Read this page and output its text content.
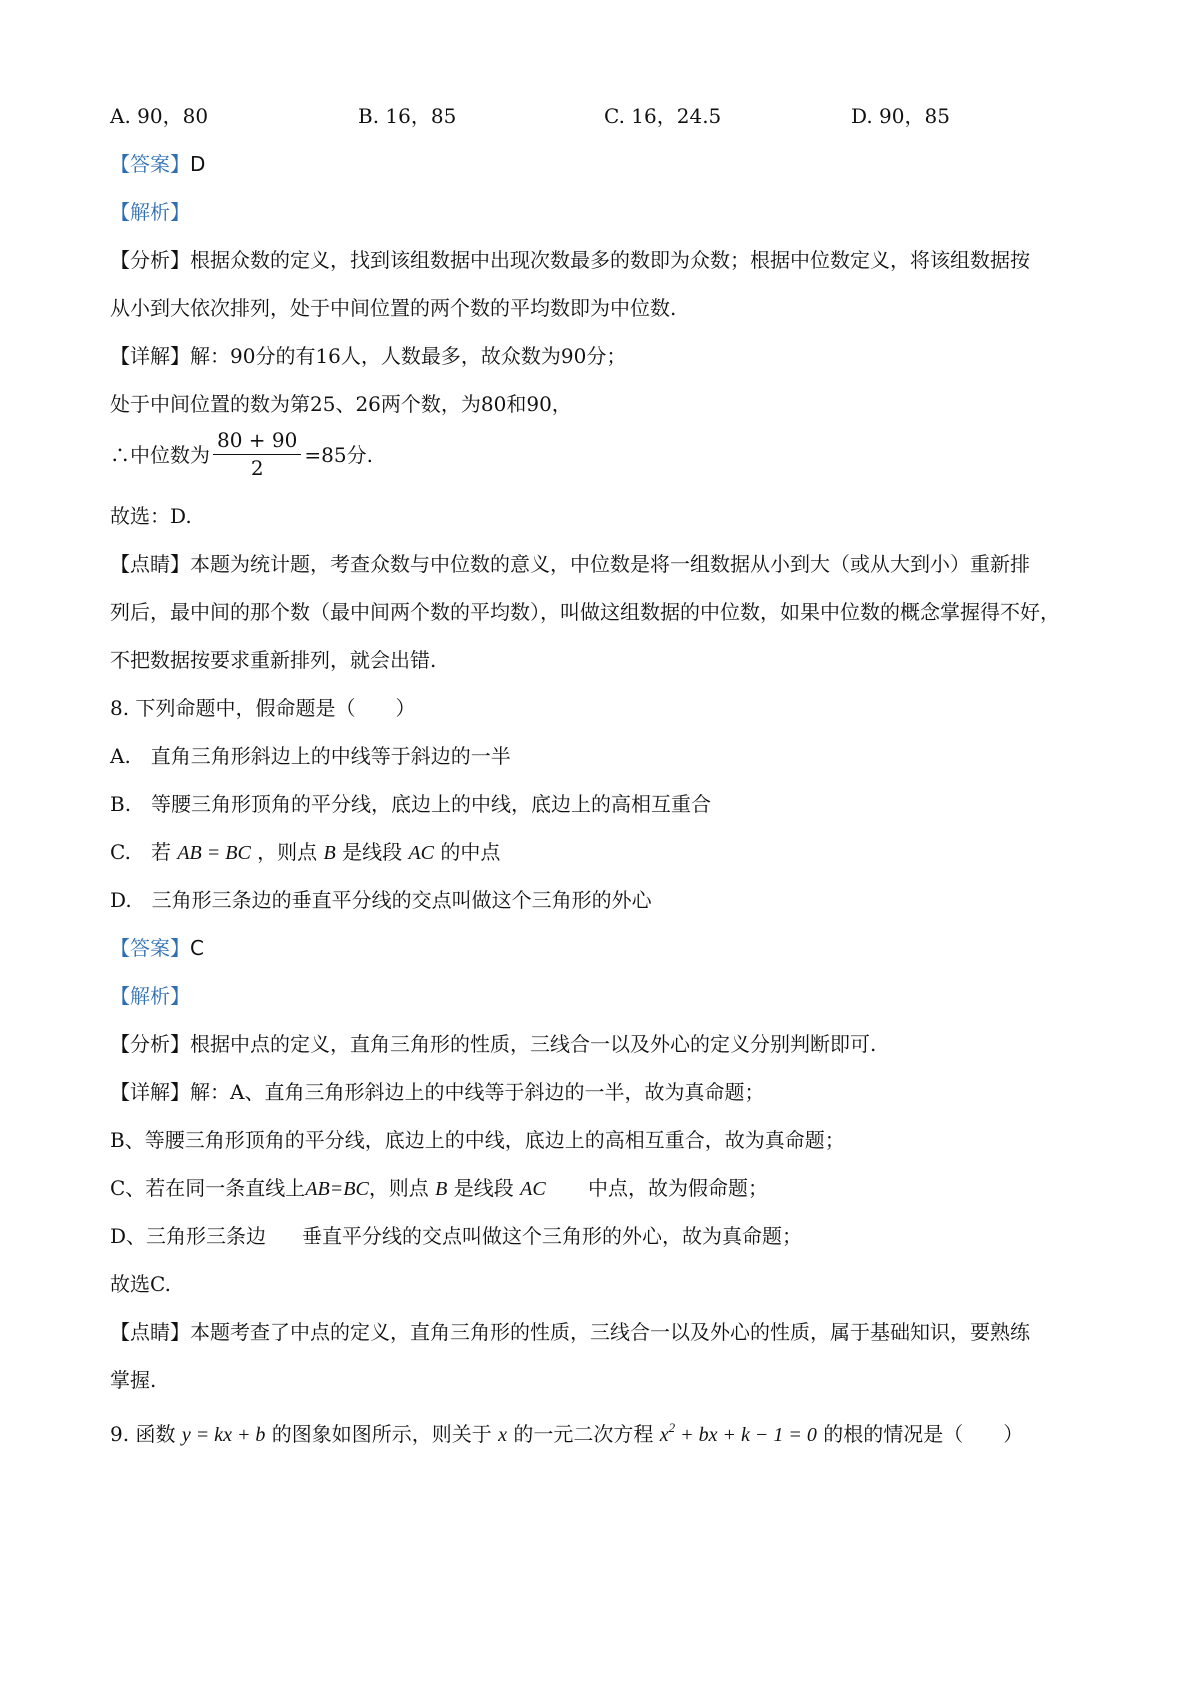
A. 90，80	B. 16，85	C. 16，24.5	D. 90，85
【答案】D
【解析】
【分析】根据众数的定义，找到该组数据中出现次数最多的数即为众数；根据中位数定义，将该组数据按
从小到大依次排列，处于中间位置的两个数的平均数即为中位数.
【详解】解：90分的有16人，人数最多，故众数为90分；
处于中间位置的数为第25、26两个数，为80和90，
∴中位数为 $\frac{80 + 90}{2} =85$分.
故选：D.
【点睛】本题为统计题，考查众数与中位数的意义，中位数是将一组数据从小到大（或从大到小）重新排
列后，最中间的那个数（最中间两个数的平均数），叫做这组数据的中位数，如果中位数的概念掌握得不好，
不把数据按要求重新排列，就会出错.
8. 下列命题中，假命题是（　　）
A.　直角三角形斜边上的中线等于斜边的一半
B.　等腰三角形顶角的平分线，底边上的中线，底边上的高相互重合
C.　若 AB = BC ，则点 B 是线段 AC 的中点
D.　三角形三条边的垂直平分线的交点叫做这个三角形的外心
【答案】C
【解析】
【分析】根据中点的定义，直角三角形的性质，三线合一以及外心的定义分别判断即可.
【详解】解：A、直角三角形斜边上的中线等于斜边的一半，故为真命题；
B、等腰三角形顶角的平分线，底边上的中线，底边上的高相互重合，故为真命题；
C、若在同一条直线上AB=BC，则点 B 是线段 AC 中点，故为假命题；
D、三角形三条边 垂直平分线的交点叫做这个三角形的外心，故为真命题；
故选C.
【点睛】本题考查了中点的定义，直角三角形的性质，三线合一以及外心的性质，属于基础知识，要熟练
掌握.
9. 函数 y = kx + b 的图象如图所示，则关于 x 的一元二次方程 $x^2$ + bx + k − 1 = 0 的根的情况是（　　）
